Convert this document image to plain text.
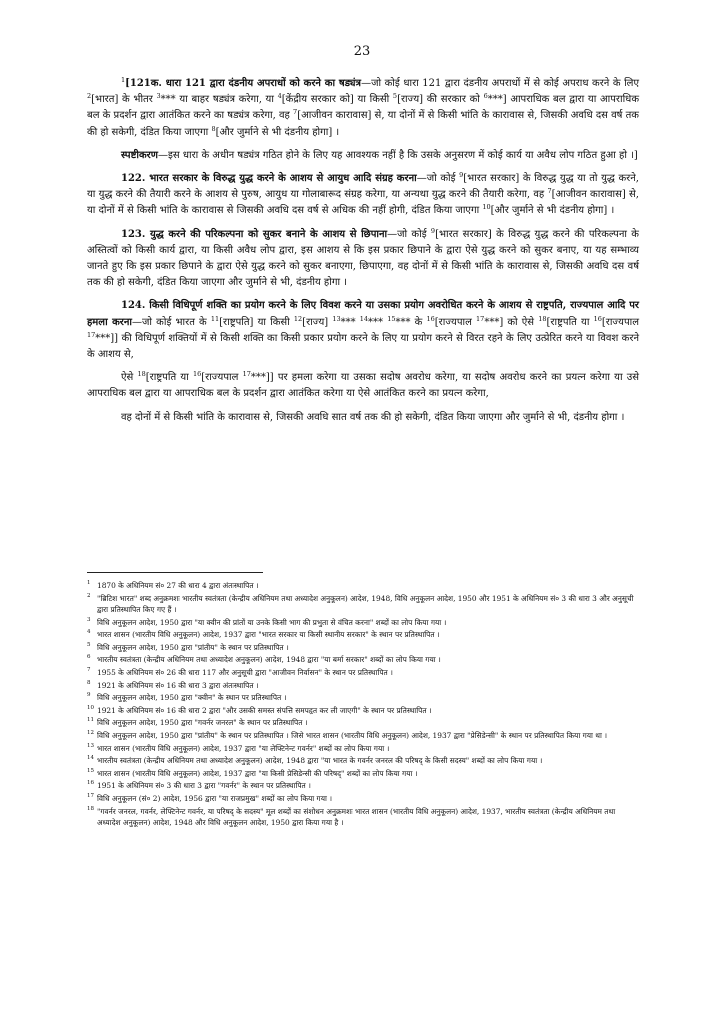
23

$^1$[121क. धारा 121 द्वारा दंडनीय अपराधों को करने का षड्यंत्र—जो कोई धारा 121 द्वारा दंडनीय अपराधों में से कोई अपराध करने के लिए $^2$[भारत] के भीतर $^3$*** या बाहर षड्यंत्र करेगा, या $^4$[केंद्रीय सरकार को] या किसी $^5$[राज्य] की सरकार को $^6$***] आपराधिक बल द्वारा या आपराधिक बल के प्रदर्शन द्वारा आतंकित करने का षड्यंत्र करेगा, वह $^7$[आजीवन कारावास] से, या दोनों में से किसी भांति के कारावास से, जिसकी अवधि दस वर्ष तक की हो सकेगी, दंडित किया जाएगा $^8$[और जुर्माने से भी दंडनीय होगा] ।

स्पष्टीकरण—इस धारा के अधीन षड्यंत्र गठित होने के लिए यह आवश्यक नहीं है कि उसके अनुसरण में कोई कार्य या अवैध लोप गठित हुआ हो ।]

122. भारत सरकार के विरुद्ध युद्ध करने के आशय से आयुध आदि संग्रह करना—जो कोई $^9$[भारत सरकार] के विरुद्ध युद्ध या तो युद्ध करने, या युद्ध करने की तैयारी करने के आशय से पुरुष, आयुध या गोलाबारूद संग्रह करेगा, या अन्यथा युद्ध करने की तैयारी करेगा, वह $^7$[आजीवन कारावास] से, या दोनों में से किसी भांति के कारावास से जिसकी अवधि दस वर्ष से अधिक की नहीं होगी, दंडित किया जाएगा $^{10}$[और जुर्माने से भी दंडनीय होगा] ।

123. युद्ध करने की परिकल्पना को सुकर बनाने के आशय से छिपाना—जो कोई $^9$[भारत सरकार] के विरुद्ध युद्ध करने की परिकल्पना के अस्तित्वों को किसी कार्य द्वारा, या किसी अवैध लोप द्वारा, इस आशय से कि इस प्रकार छिपाने के द्वारा ऐसे युद्ध करने को सुकर बनाए, या यह सम्भाव्य जानते हुए कि इस प्रकार छिपाने के द्वारा ऐसे युद्ध करने को सुकर बनाएगा, छिपाएगा, वह दोनों में से किसी भांति के कारावास से, जिसकी अवधि दस वर्ष तक की हो सकेगी, दंडित किया जाएगा और जुर्माने से भी, दंडनीय होगा ।

124. किसी विधिपूर्ण शक्ति का प्रयोग करने के लिए विवश करने या उसका प्रयोग अवरोधित करने के आशय से राष्ट्रपति, राज्यपाल आदि पर हमला करना—जो कोई भारत के $^{11}$[राष्ट्रपति] या किसी $^{12}$[राज्य] $^{13}$*** $^{14}$*** $^{15}$*** के $^{16}$[राज्यपाल $^{17}$***] को ऐसे $^{18}$[राष्ट्रपति या $^{16}$[राज्यपाल $^{17}$***]] की विधिपूर्ण शक्तियों में से किसी शक्ति का किसी प्रकार प्रयोग करने के लिए या प्रयोग करने से विरत रहने के लिए उत्प्रेरित करने या विवश करने के आशय से,

ऐसे $^{18}$[राष्ट्रपति या $^{16}$[राज्यपाल $^{17}$***]] पर हमला करेगा या उसका सदोष अवरोध करेगा, या सदोष अवरोध करने का प्रयत्न करेगा या उसे आपराधिक बल द्वारा या आपराधिक बल के प्रदर्शन द्वारा आतंकित करेगा या ऐसे आतंकित करने का प्रयत्न करेगा,

वह दोनों में से किसी भांति के कारावास से, जिसकी अवधि सात वर्ष तक की हो सकेगी, दंडित किया जाएगा और जुर्माने से भी, दंडनीय होगा ।

1 1870 के अधिनियम सं० 27 की धारा 4 द्वारा अंतःस्थापित ।
2 "ब्रिटिश भारत" शब्द अनुक्रमशः भारतीय स्वतंत्रता (केन्द्रीय अधिनियम तथा अध्यादेश अनुकूलन) आदेश, 1948, विधि अनुकूलन आदेश, 1950 और 1951 के अधिनियम सं० 3 की धारा 3 और अनुसूची द्वारा प्रतिस्थापित किए गए हैं ।
3 विधि अनुकूलन आदेश, 1950 द्वारा "या क्वीन की प्रांतों या उनके किसी भाग की प्रभुता से वंचित करना" शब्दों का लोप किया गया ।
4 भारत शासन (भारतीय विधि अनुकूलन) आदेश, 1937 द्वारा "भारत सरकार या किसी स्थानीय सरकार" के स्थान पर प्रतिस्थापित ।
5 विधि अनुकूलन आदेश, 1950 द्वारा "प्रांतीय" के स्थान पर प्रतिस्थापित ।
6 भारतीय स्वतंत्रता (केन्द्रीय अधिनियम तथा अध्यादेश अनुकूलन) आदेश, 1948 द्वारा "या बर्मा सरकार" शब्दों का लोप किया गया ।
7 1955 के अधिनियम सं० 26 की धारा 117 और अनुसूची द्वारा "आजीवन निर्वासन" के स्थान पर प्रतिस्थापित ।
8 1921 के अधिनियम सं० 16 की धारा 3 द्वारा अंतःस्थापित ।
9 विधि अनुकूलन आदेश, 1950 द्वारा "क्वीन" के स्थान पर प्रतिस्थापित ।
10 1921 के अधिनियम सं० 16 की धारा 2 द्वारा "और उसकी समस्त संपत्ति समपहृत कर ली जाएगी" के स्थान पर प्रतिस्थापित ।
11 विधि अनुकूलन आदेश, 1950 द्वारा "गवर्नर जनरल" के स्थान पर प्रतिस्थापित ।
12 विधि अनुकूलन आदेश, 1950 द्वारा "प्रांतीय" के स्थान पर प्रतिस्थापित । जिसे भारत शासन (भारतीय विधि अनुकूलन) आदेश, 1937 द्वारा "प्रेसिडेन्सी" के स्थान पर प्रतिस्थापित किया गया था ।
13 भारत शासन (भारतीय विधि अनुकूलन) आदेश, 1937 द्वारा "या लेफ्टिनेन्ट गवर्नर" शब्दों का लोप किया गया ।
14 भारतीय स्वतंत्रता (केन्द्रीय अधिनियम तथा अध्यादेश अनुकूलन) आदेश, 1948 द्वारा "या भारत के गवर्नर जनरल की परिषद् के किसी सदस्य" शब्दों का लोप किया गया ।
15 भारत शासन (भारतीय विधि अनुकूलन) आदेश, 1937 द्वारा "या किसी प्रेसिडेन्सी की परिषद्" शब्दों का लोप किया गया ।
16 1951 के अधिनियम सं० 3 की धारा 3 द्वारा "गवर्नर" के स्थान पर प्रतिस्थापित ।
17 विधि अनुकूलन (सं० 2) आदेश, 1956 द्वारा "या राजप्रमुख" शब्दों का लोप किया गया ।
18 "गवर्नर जनरल, गवर्नर, लेफ्टिनेन्ट गवर्नर, या परिषद् के सदस्य" मूल शब्दों का संशोधन अनुक्रमशः भारत शासन (भारतीय विधि अनुकूलन) आदेश, 1937, भारतीय स्वतंत्रता (केन्द्रीय अधिनियम तथा अध्यादेश अनुकूलन) आदेश, 1948 और विधि अनुकूलन आदेश, 1950 द्वारा किया गया है ।
